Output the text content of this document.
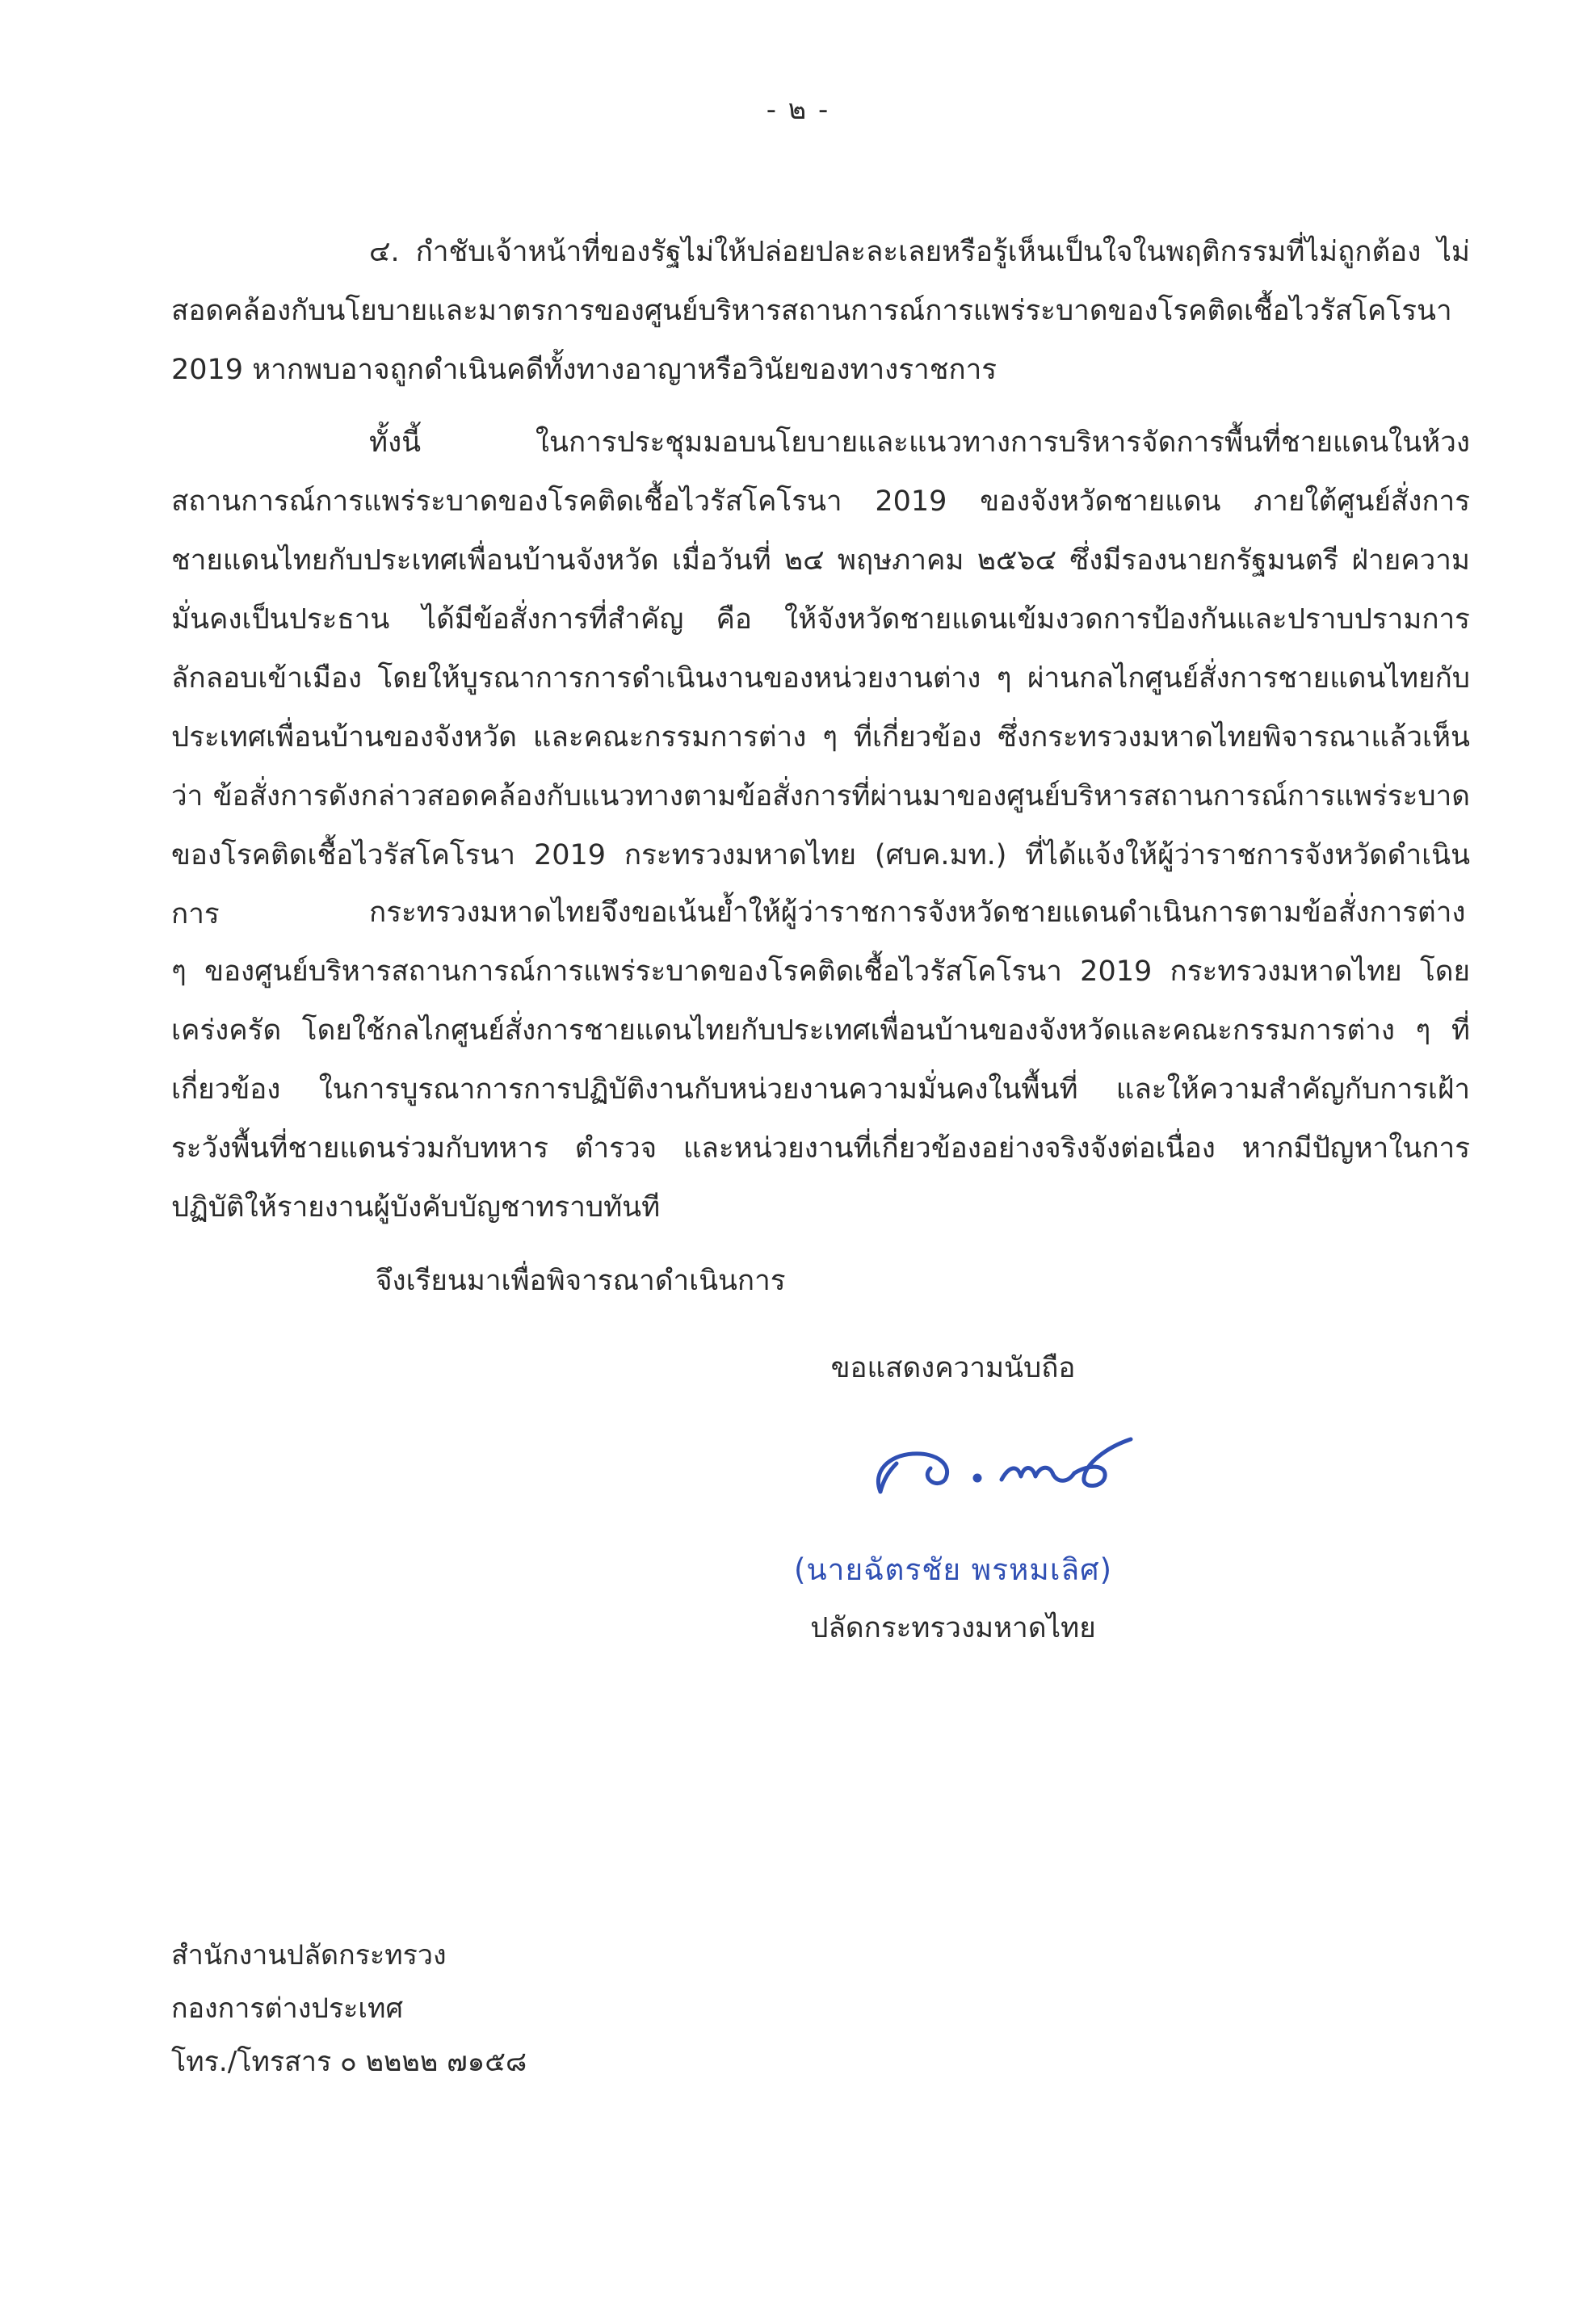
- ๒ -

๔. กำชับเจ้าหน้าที่ของรัฐไม่ให้ปล่อยปละละเลยหรือรู้เห็นเป็นใจในพฤติกรรมที่ไม่ถูกต้อง ไม่สอดคล้องกับนโยบายและมาตรการของศูนย์บริหารสถานการณ์การแพร่ระบาดของโรคติดเชื้อไวรัสโคโรนา 2019 หากพบอาจถูกดำเนินคดีทั้งทางอาญาหรือวินัยของทางราชการ

ทั้งนี้ ในการประชุมมอบนโยบายและแนวทางการบริหารจัดการพื้นที่ชายแดนในห้วงสถานการณ์การแพร่ระบาดของโรคติดเชื้อไวรัสโคโรนา 2019 ของจังหวัดชายแดน ภายใต้ศูนย์สั่งการชายแดนไทยกับประเทศเพื่อนบ้านจังหวัด เมื่อวันที่ ๒๔ พฤษภาคม ๒๕๖๔ ซึ่งมีรองนายกรัฐมนตรี ฝ่ายความมั่นคงเป็นประธาน ได้มีข้อสั่งการที่สำคัญ คือ ให้จังหวัดชายแดนเข้มงวดการป้องกันและปราบปรามการลักลอบเข้าเมือง โดยให้บูรณาการการดำเนินงานของหน่วยงานต่าง ๆ ผ่านกลไกศูนย์สั่งการชายแดนไทยกับประเทศเพื่อนบ้านของจังหวัด และคณะกรรมการต่าง ๆ ที่เกี่ยวข้อง ซึ่งกระทรวงมหาดไทยพิจารณาแล้วเห็นว่า ข้อสั่งการดังกล่าวสอดคล้องกับแนวทางตามข้อสั่งการที่ผ่านมาของศูนย์บริหารสถานการณ์การแพร่ระบาดของโรคติดเชื้อไวรัสโคโรนา 2019 กระทรวงมหาดไทย (ศบค.มท.) ที่ได้แจ้งให้ผู้ว่าราชการจังหวัดดำเนินการ	กระทรวงมหาดไทยจึงขอเน้นย้ำให้ผู้ว่าราชการจังหวัดชายแดนดำเนินการตามข้อสั่งการต่าง ๆ ของศูนย์บริหารสถานการณ์การแพร่ระบาดของโรคติดเชื้อไวรัสโคโรนา 2019 กระทรวงมหาดไทย โดยเคร่งครัด โดยใช้กลไกศูนย์สั่งการชายแดนไทยกับประเทศเพื่อนบ้านของจังหวัดและคณะกรรมการต่าง ๆ ที่เกี่ยวข้อง ในการบูรณาการการปฏิบัติงานกับหน่วยงานความมั่นคงในพื้นที่ และให้ความสำคัญกับการเฝ้าระวังพื้นที่ชายแดนร่วมกับทหาร ตำรวจ และหน่วยงานที่เกี่ยวข้องอย่างจริงจังต่อเนื่อง หากมีปัญหาในการปฏิบัติให้รายงานผู้บังคับบัญชาทราบทันที

จึงเรียนมาเพื่อพิจารณาดำเนินการ
ขอแสดงความนับถือ
(นายฉัตรชัย พรหมเลิศ)
ปลัดกระทรวงมหาดไทย
สำนักงานปลัดกระทรวง
กองการต่างประเทศ
โทร./โทรสาร ๐ ๒๒๒๒ ๗๑๕๘
